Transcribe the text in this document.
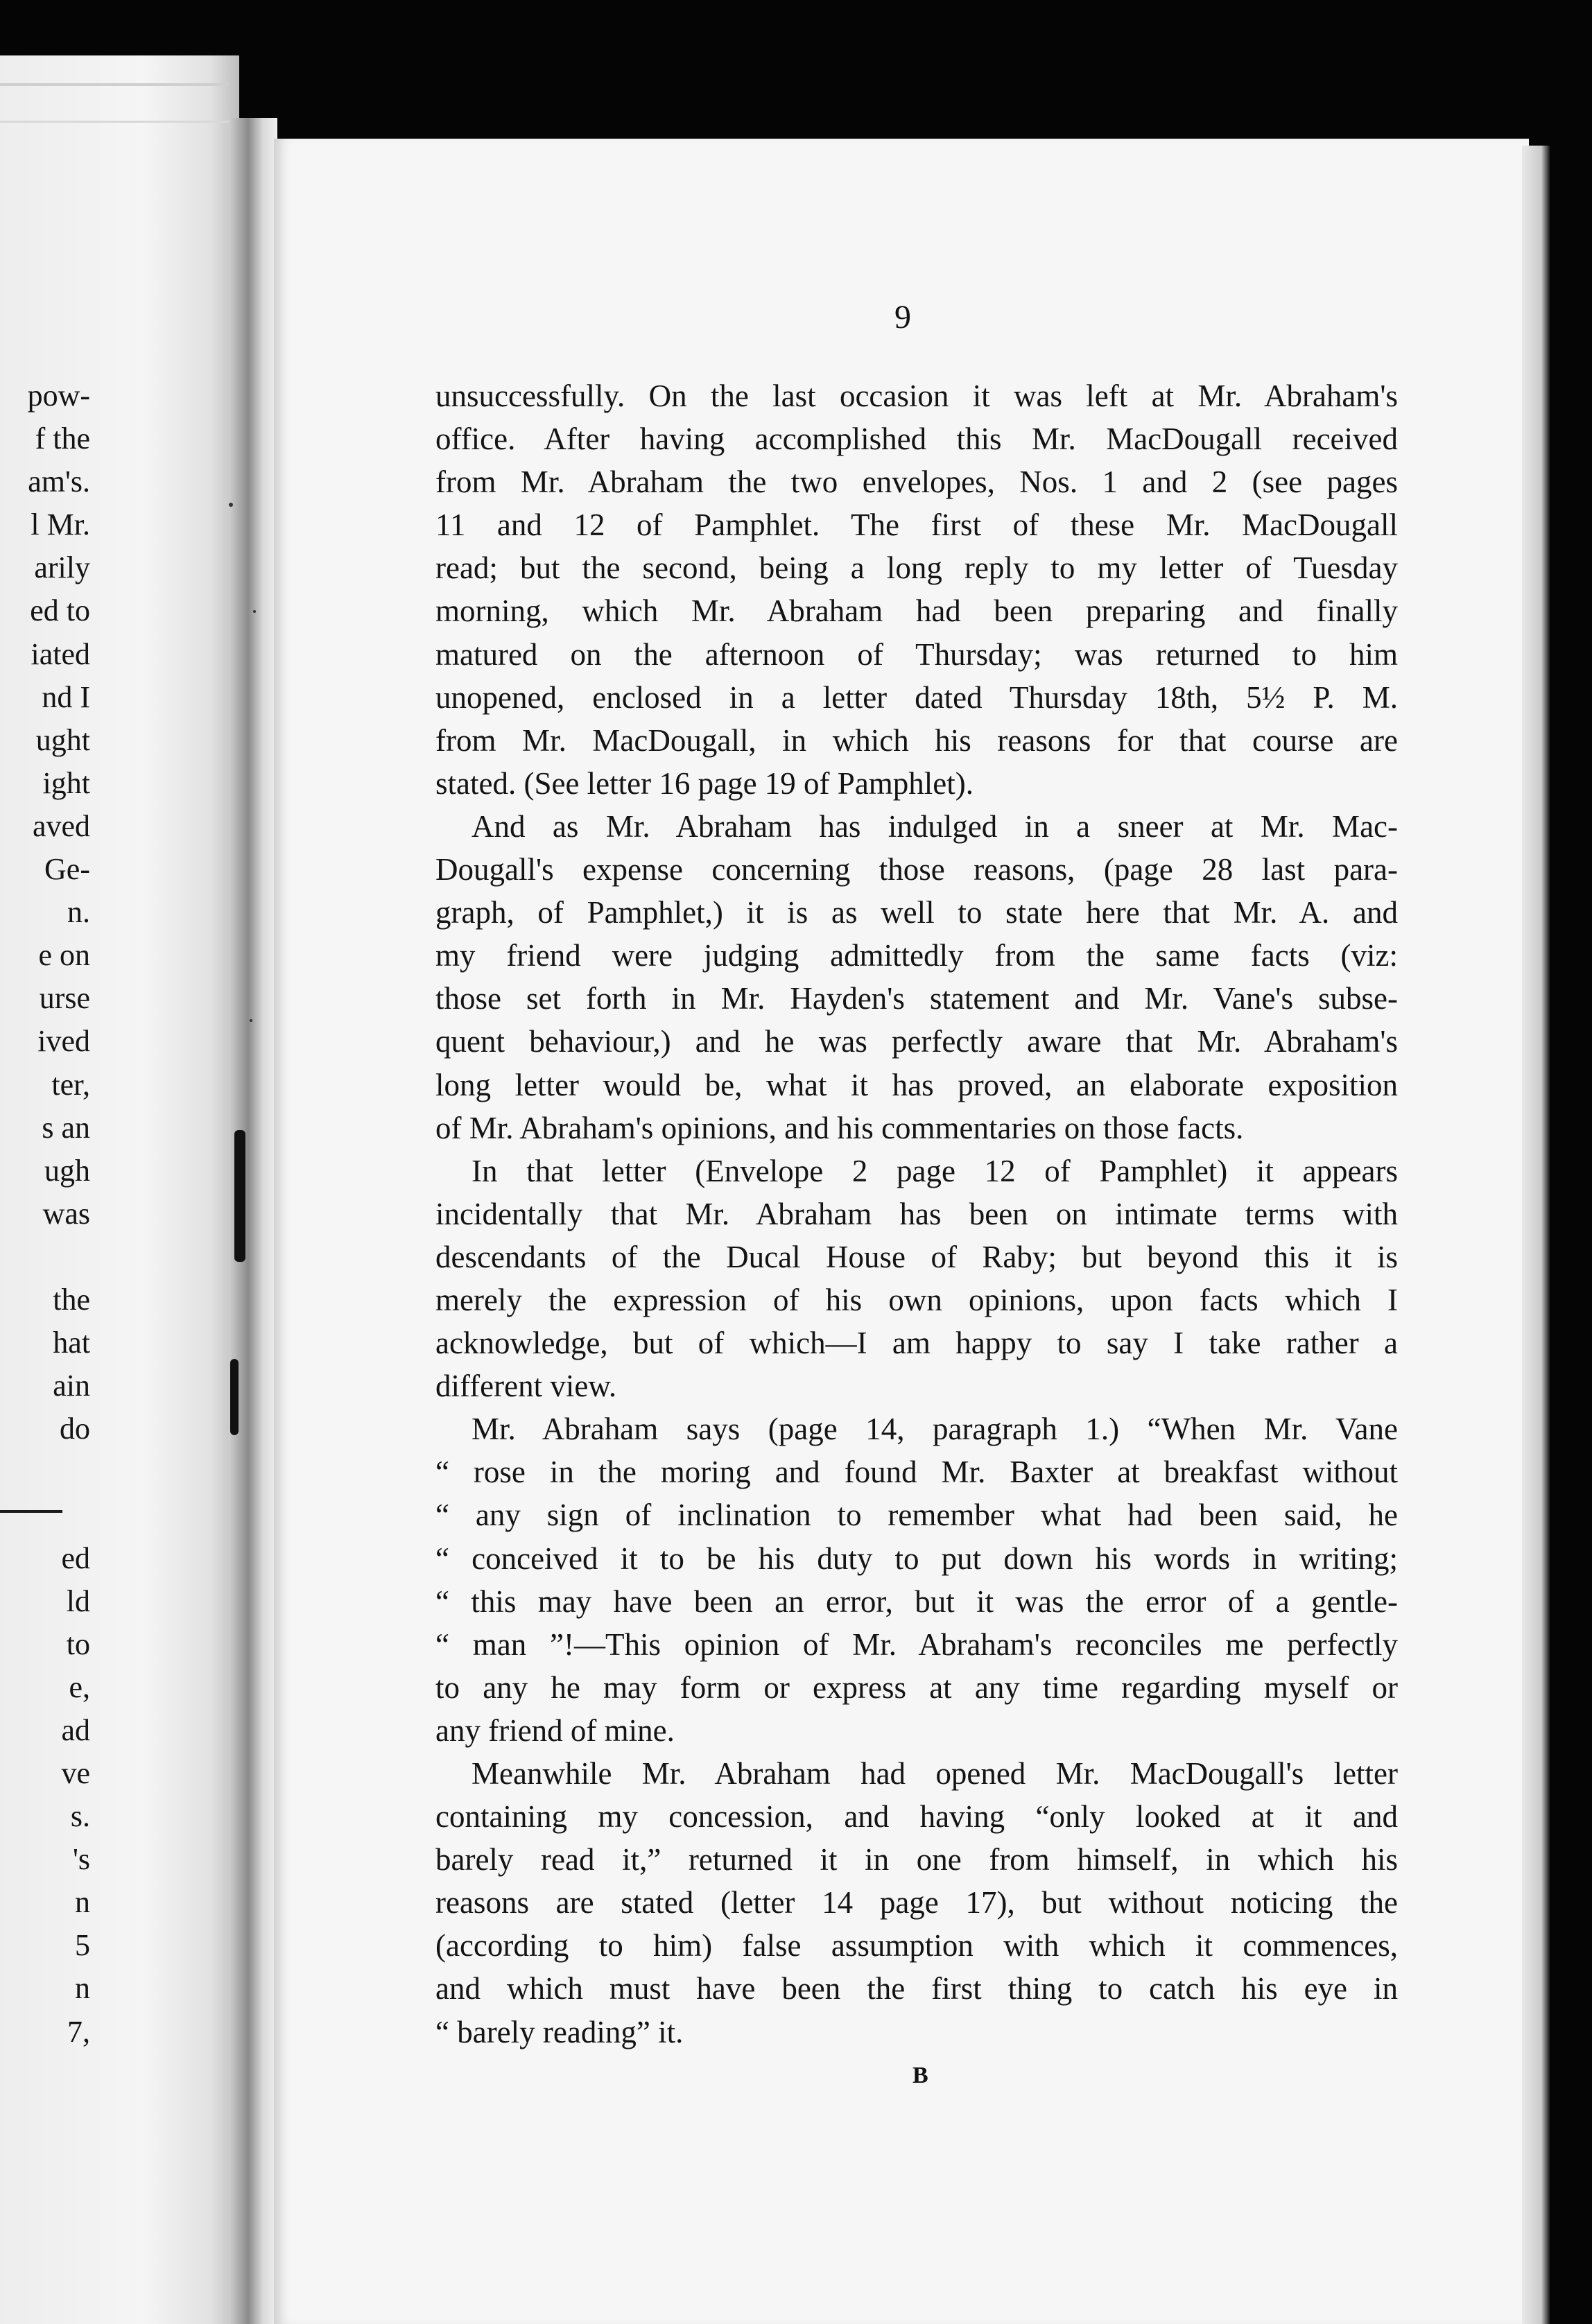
pow-
f the
am's.
l Mr.
arily
ed to
iated
nd I
ught
ight
aved
Ge-
n.
e on
urse
ived
ter,
s an
ugh
was
the
hat
ain
do
ed
ld
to
e,
ad
ve
s.
's
n
5
n
7,
9
unsuccessfully. On the last occasion it was left at Mr. Abraham's
office. After having accomplished this Mr. MacDougall received
from Mr. Abraham the two envelopes, Nos. 1 and 2 (see pages
11 and 12 of Pamphlet. The first of these Mr. MacDougall
read; but the second, being a long reply to my letter of Tuesday
morning, which Mr. Abraham had been preparing and finally
matured on the afternoon of Thursday; was returned to him
unopened, enclosed in a letter dated Thursday 18th, 5½ P. M.
from Mr. MacDougall, in which his reasons for that course are
stated. (See letter 16 page 19 of Pamphlet).
And as Mr. Abraham has indulged in a sneer at Mr. Mac-
Dougall's expense concerning those reasons, (page 28 last para-
graph, of Pamphlet,) it is as well to state here that Mr. A. and
my friend were judging admittedly from the same facts (viz:
those set forth in Mr. Hayden's statement and Mr. Vane's subse-
quent behaviour,) and he was perfectly aware that Mr. Abraham's
long letter would be, what it has proved, an elaborate exposition
of Mr. Abraham's opinions, and his commentaries on those facts.
In that letter (Envelope 2 page 12 of Pamphlet) it appears
incidentally that Mr. Abraham has been on intimate terms with
descendants of the Ducal House of Raby; but beyond this it is
merely the expression of his own opinions, upon facts which I
acknowledge, but of which—I am happy to say I take rather a
different view.
Mr. Abraham says (page 14, paragraph 1.) “When Mr. Vane
“ rose in the moring and found Mr. Baxter at breakfast without
“ any sign of inclination to remember what had been said, he
“ conceived it to be his duty to put down his words in writing;
“ this may have been an error, but it was the error of a gentle-
“ man ”!—This opinion of Mr. Abraham's reconciles me perfectly
to any he may form or express at any time regarding myself or
any friend of mine.
Meanwhile Mr. Abraham had opened Mr. MacDougall's letter
containing my concession, and having “only looked at it and
barely read it,” returned it in one from himself, in which his
reasons are stated (letter 14 page 17), but without noticing the
(according to him) false assumption with which it commences,
and which must have been the first thing to catch his eye in
“ barely reading” it.
B
